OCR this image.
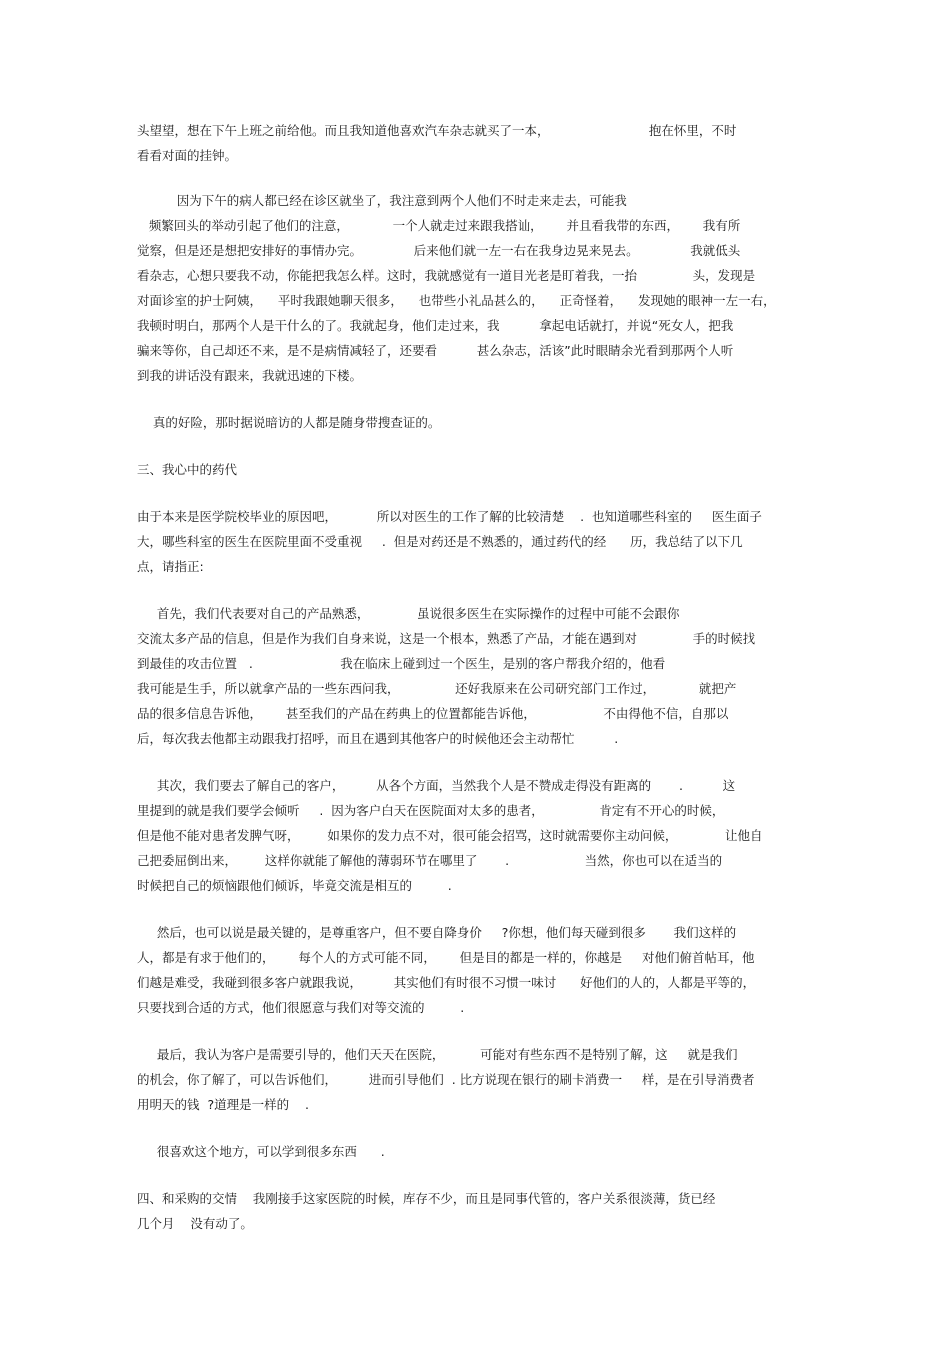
头望望，想在下午上班之前给他。而且我知道他喜欢汽车杂志就买了一本，                         抱在怀里，不时
看看对面的挂钟。
因为下午的病人都已经在诊区就坐了，我注意到两个人他们不时走来走去，可能我
频繁回头的举动引起了他们的注意，           一个人就走过来跟我搭讪，      并且看我带的东西，      我有所
觉察，但是还是想把安排好的事情办完。             后来他们就一左一右在我身边晃来晃去。             我就低头
看杂志，心想只要我不动，你能把我怎么样。这时，我就感觉有一道目光老是盯着我，一抬              头，发现是
对面诊室的护士阿姨，    平时我跟她聊天很多，    也带些小礼品甚么的，    正奇怪着，    发现她的眼神一左一右，
我顿时明白，那两个人是干什么的了。我就起身，他们走过来，我          拿起电话就打，并说“死女人，把我
骗来等你，自己却还不来，是不是病情减轻了，还要看          甚么杂志，活该”此时眼睛余光看到那两个人听
到我的讲话没有跟来，我就迅速的下楼。
真的好险，那时据说暗访的人都是随身带搜查证的。
三、我心中的药代
由于本来是医学院校毕业的原因吧，          所以对医生的工作了解的比较清楚    .  也知道哪些科室的     医生面子
大，哪些科室的医生在医院里面不受重视     .  但是对药还是不熟悉的，通过药代的经      历，我总结了以下几
点，请指正:
首先，我们代表要对自己的产品熟悉，            虽说很多医生在实际操作的过程中可能不会跟你
交流太多产品的信息，但是作为我们自身来说，这是一个根本，熟悉了产品，才能在遇到对              手的时候找
到最佳的攻击位置   .                      我在临床上碰到过一个医生，是别的客户帮我介绍的，他看
我可能是生手，所以就拿产品的一些东西问我，              还好我原来在公司研究部门工作过，           就把产
品的很多信息告诉他，      甚至我们的产品在药典上的位置都能告诉他，                 不由得他不信，自那以
后，每次我去他都主动跟我打招呼，而且在遇到其他客户的时候他还会主动帮忙          .
其次，我们要去了解自己的客户，        从各个方面，当然我个人是不赞成走得没有距离的       .          这
里提到的就是我们要学会倾听     .  因为客户白天在医院面对太多的患者，              肯定有不开心的时候，
但是他不能对患者发脾气呀，       如果你的发力点不对，很可能会招骂，这时就需要你主动问候，            让他自
己把委屈倒出来，       这样你就能了解他的薄弱环节在哪里了       .                   当然，你也可以在适当的
时候把自己的烦恼跟他们倾诉，毕竟交流是相互的         .
然后，也可以说是最关键的，是尊重客户，但不要自降身价     ?你想，他们每天碰到很多       我们这样的
人，都是有求于他们的，      每个人的方式可能不同，      但是目的都是一样的，你越是     对他们俯首帖耳，他
们越是难受，我碰到很多客户就跟我说，        其实他们有时很不习惯一味讨      好他们的人的，人都是平等的，
只要找到合适的方式，他们很愿意与我们对等交流的         .
最后，我认为客户是需要引导的，他们天天在医院，         可能对有些东西不是特别了解，这     就是我们
的机会，你了解了，可以告诉他们，        进而引导他们  . 比方说现在银行的刷卡消费一     样，是在引导消费者
用明天的钱  ?道理是一样的    .
很喜欢这个地方，可以学到很多东西      .
四、和采购的交情    我刚接手这家医院的时候，库存不少，而且是同事代管的，客户关系很淡薄，货已经
几个月    没有动了。
